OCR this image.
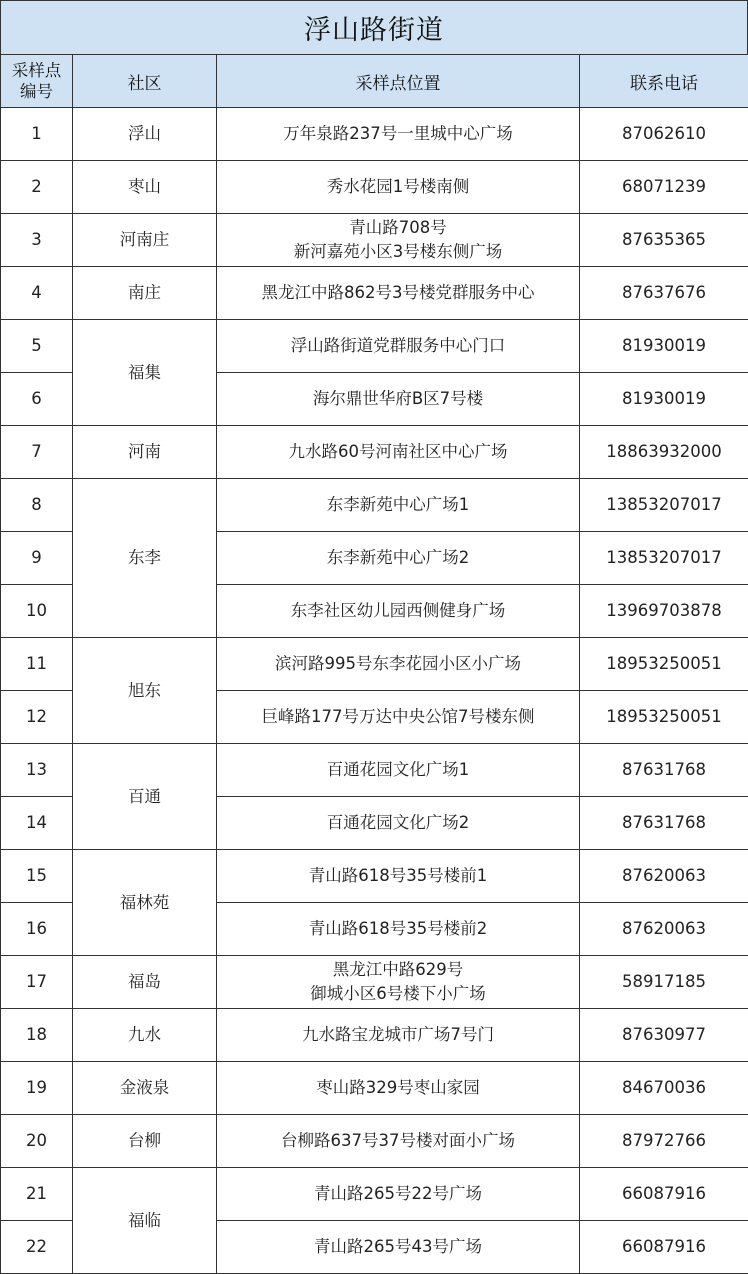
浮山路街道
采样点
编号	社区	采样点位置	联系电话
1	浮山	万年泉路237号一里城中心广场	87062610
2	枣山	秀水花园1号楼南侧	68071239
3	河南庄	青山路708号
新河嘉苑小区3号楼东侧广场	87635365
4	南庄	黑龙江中路862号3号楼党群服务中心	87637676
5	福集	浮山路街道党群服务中心门口	81930019
6		海尔鼎世华府B区7号楼	81930019
7	河南	九水路60号河南社区中心广场	18863932000
8	东李	东李新苑中心广场1	13853207017
9		东李新苑中心广场2	13853207017
10		东李社区幼儿园西侧健身广场	13969703878
11	旭东	滨河路995号东李花园小区小广场	18953250051
12		巨峰路177号万达中央公馆7号楼东侧	18953250051
13	百通	百通花园文化广场1	87631768
14		百通花园文化广场2	87631768
15	福林苑	青山路618号35号楼前1	87620063
16		青山路618号35号楼前2	87620063
17	福岛	黑龙江中路629号
御城小区6号楼下小广场	58917185
18	九水	九水路宝龙城市广场7号门	87630977
19	金液泉	枣山路329号枣山家园	84670036
20	台柳	台柳路637号37号楼对面小广场	87972766
21	福临	青山路265号22号广场	66087916
22		青山路265号43号广场	66087916
